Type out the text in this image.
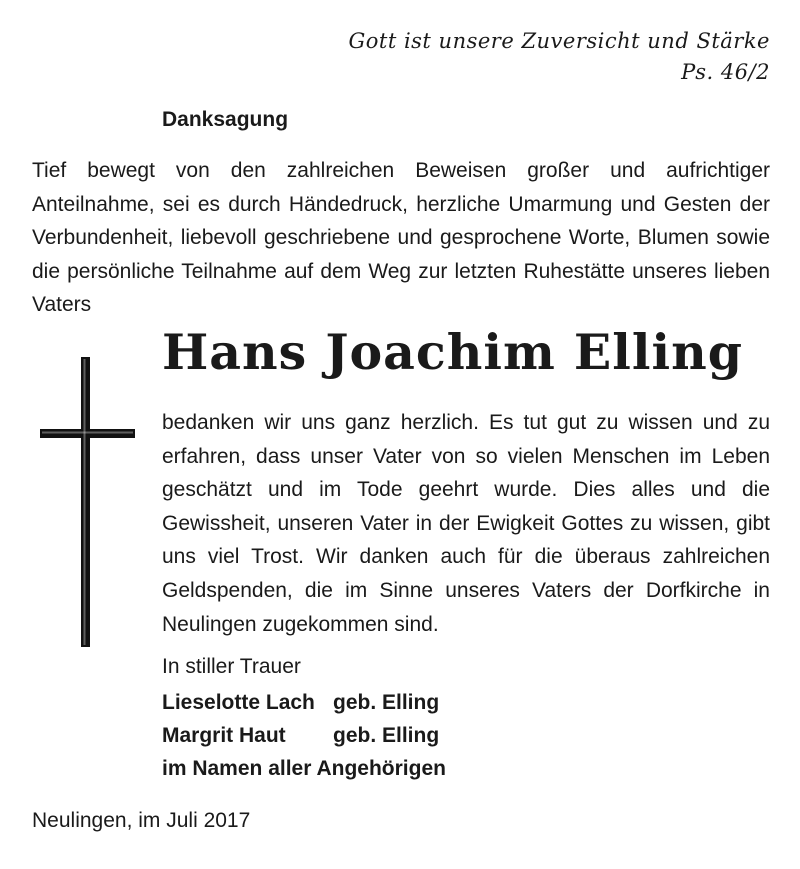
Gott ist unsere Zuversicht und Stärke
Ps. 46/2
Danksagung
Tief bewegt von den zahlreichen Beweisen großer und aufrichtiger Anteilnahme, sei es durch Händedruck, herzliche Umarmung und Gesten der Verbundenheit, liebevoll geschriebene und gesprochene Worte, Blumen sowie die persönliche Teilnahme auf dem Weg zur letzten Ruhestätte unseres lieben Vaters
Hans Joachim Elling
bedanken wir uns ganz herzlich. Es tut gut zu wissen und zu erfahren, dass unser Vater von so vielen Menschen im Leben geschätzt und im Tode geehrt wurde. Dies alles und die Gewissheit, unseren Vater in der Ewigkeit Gottes zu wissen, gibt uns viel Trost. Wir danken auch für die überaus zahlreichen Geldspenden, die im Sinne unseres Vaters der Dorfkirche in Neulingen zugekommen sind.
In stiller Trauer
Lieselotte Lach geb. Elling
Margrit Haut geb. Elling
im Namen aller Angehörigen
Neulingen, im Juli 2017
